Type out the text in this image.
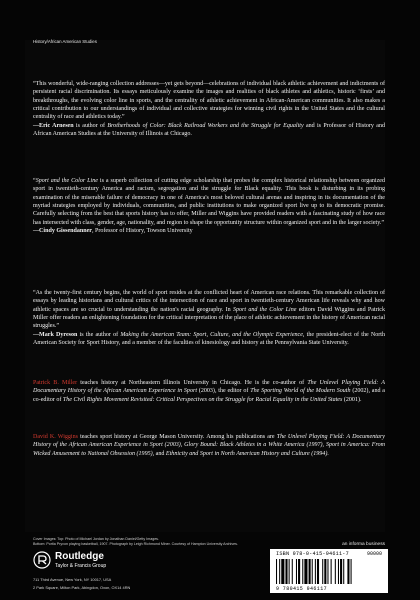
History/African American Studies

“This wonderful, wide-ranging collection addresses—yet gets beyond—celebrations of individual black athletic achievement and indictments of persistent racial discrimination. Its essays meticulously examine the images and realities of black athletes and athletics, historic ‘firsts’ and breakthroughs, the evolving color line in sports, and the centrality of athletic achievement in African-American communities. It also makes a critical contribution to our understandings of individual and collective strategies for winning civil rights in the United States and the cultural centrality of race and athletics today.”
—Eric Arnesen is author of Brotherhoods of Color: Black Railroad Workers and the Struggle for Equality and is Professor of History and African American Studies at the University of Illinois at Chicago.

“Sport and the Color Line is a superb collection of cutting edge scholarship that probes the complex historical relationship between organized sport in twentieth-century America and racism, segregation and the struggle for Black equality. This book is disturbing in its probing examination of the miserable failure of democracy in one of America's most beloved cultural arenas and inspiring in its documentation of the myriad strategies employed by individuals, communities, and public institutions to make organized sport live up to its democratic promise. Carefully selecting from the best that sports history has to offer, Miller and Wiggins have provided readers with a fascinating study of how race has intersected with class, gender, age, nationality, and region to shape the opportunity structure within organized sport and in the larger society.”
—Cindy Gissendanner, Professor of History, Towson University

“As the twenty-first century begins, the world of sport resides at the conflicted heart of American race relations. This remarkable collection of essays by leading historians and cultural critics of the intersection of race and sport in twentieth-century American life reveals why and how athletic spaces are so crucial to understanding the nation's racial geography. In Sport and the Color Line editors David Wiggins and Patrick Miller offer readers an enlightening foundation for the critical interpretation of the place of athletic achievement in the history of American racial struggles.”
—Mark Dyreson is the author of Making the American Team: Sport, Culture, and the Olympic Experience, the president-elect of the North American Society for Sport History, and a member of the faculties of kinesiology and history at the Pennsylvania State University.

Patrick B. Miller teaches history at Northeastern Illinois University in Chicago. He is the co-author of The Unlevel Playing Field: A Documentary History of the African American Experience in Sport (2003), the editor of The Sporting World of the Modern South (2002), and a co-editor of The Civil Rights Movement Revisited: Critical Perspectives on the Struggle for Racial Equality in the United States (2001).

David K. Wiggins teaches sport history at George Mason University. Among his publications are The Unlevel Playing Field: A Documentary History of the African American Experience in Sport (2003), Glory Bound: Black Athletes in a White America (1997), Sport in America: From Wicked Amusement to National Obsession (1995), and Ethnicity and Sport in North American History and Culture (1994).

Cover Images: Top: Photo of Michael Jordan by Jonathan Daniel/Getty Images.
Bottom: Portia Pryvon playing basketball, 1907. Photograph by Leigh Richmond Miner. Courtesy of Hampton University Archives.	an informa business
Routledge
Taylor & Francis Group
711 Third Avenue, New York, NY 10017, USA
2 Park Square, Milton Park, Abingdon, Oxon, OX14 4RN
ISBN 978-0-415-94611-7	90000
9 780415 946117
